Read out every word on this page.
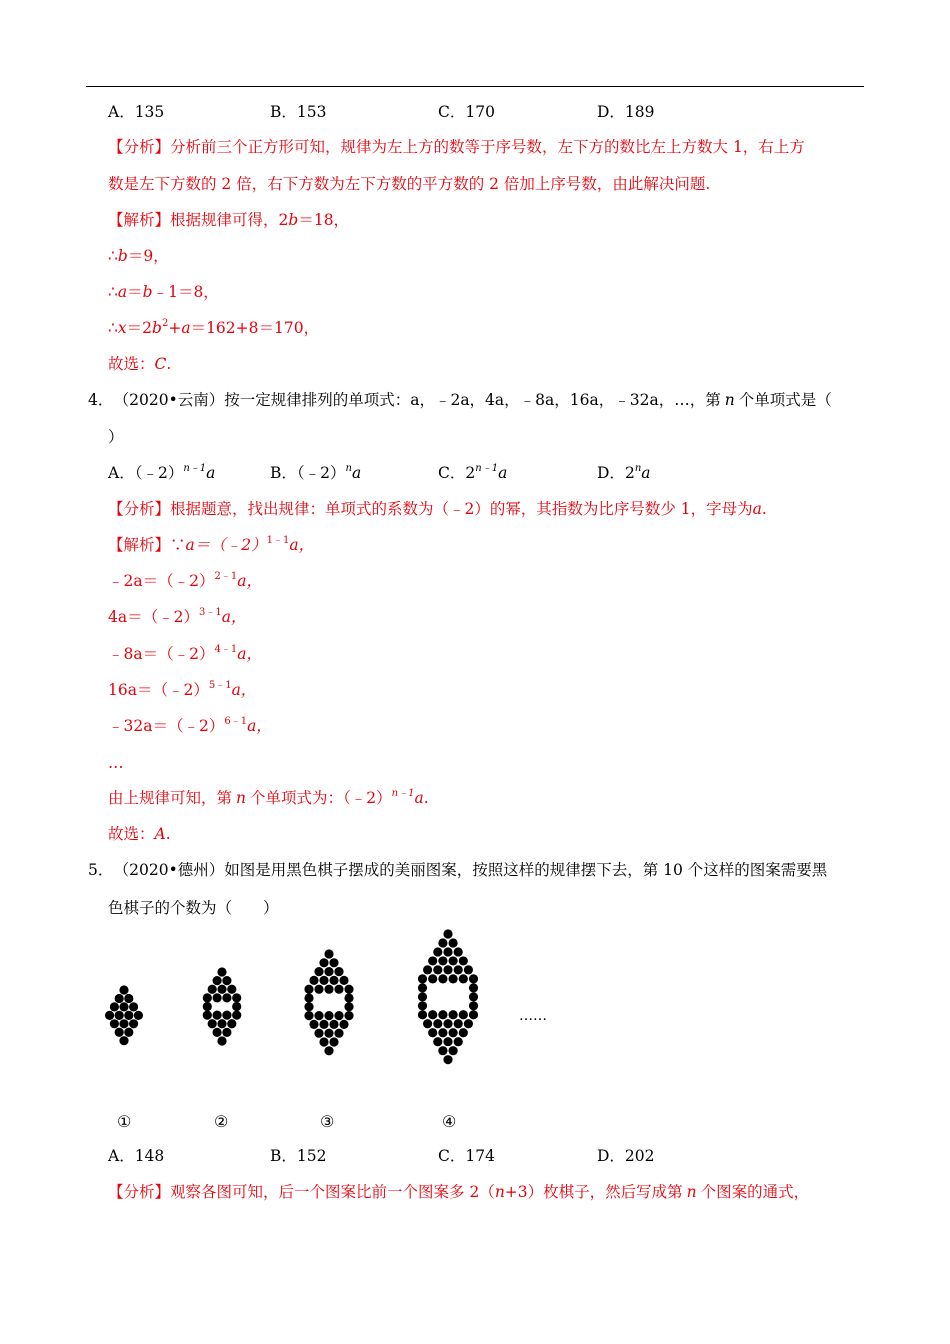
A．135	B．153	C．170	D．189
【分析】分析前三个正方形可知，规律为左上方的数等于序号数，左下方的数比左上方数大 1，右上方
数是左下方数的 2 倍，右下方数为左下方数的平方数的 2 倍加上序号数，由此解决问题.
【解析】根据规律可得，2b＝18，
∴b＝9，
∴a＝b﹣1＝8，
$\therefore x=2b^2+a=162+8=170$，
故选：C.
4． （2020•云南）按一定规律排列的单项式：a，﹣2a，4a，﹣8a，16a，﹣32a，…，第 n 个单项式是（
）
A．（﹣2）$^{n﹣1}$a	B．（﹣2）$^n$a	C．$2^{n﹣1}a$	D．2$^n$a
【分析】根据题意，找出规律：单项式的系数为（﹣2）的幂，其指数为比序号数少 1，字母为a.
【解析】∵a＝（﹣2）$^{1﹣1}$a，
﹣2a＝（﹣2）$^{2﹣1}$a，
4a＝（﹣2）$^{3﹣1}$a，
﹣8a＝（﹣2）$^{4﹣1}$a，
16a＝（﹣2）$^{5﹣1}$a，
﹣32a＝（﹣2）$^{6﹣1}$a，
…
由上规律可知，第 n 个单项式为：（﹣2）$^{n﹣1}$a.
故选：A.
5． （2020•德州）如图是用黑色棋子摆成的美丽图案，按照这样的规律摆下去，第 10 个这样的图案需要黑
色棋子的个数为（　　）
……
①	②	③	④
A．148	B．152	C．174	D．202
【分析】观察各图可知，后一个图案比前一个图案多 2（n+3）枚棋子，然后写成第 n 个图案的通式，
